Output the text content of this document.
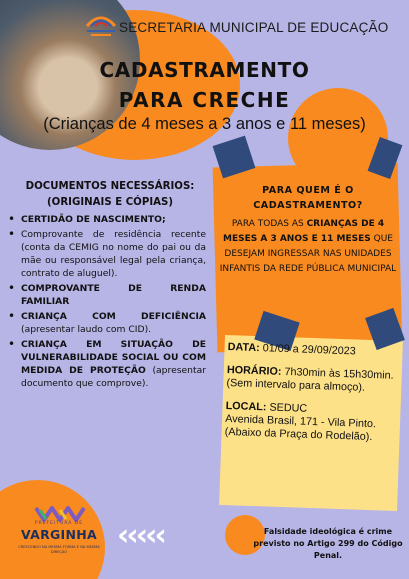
SECRETARIA MUNICIPAL DE EDUCAÇÃO
CADASTRAMENTO
PARA CRECHE
(Crianças de 4 meses a 3 anos e 11 meses)
DOCUMENTOS NECESSÁRIOS:
(ORIGINAIS E CÓPIAS)
• CERTIDÃO DE NASCIMENTO;
• Comprovante de residência recente (conta da CEMIG no nome do pai ou da mãe ou responsável legal pela criança, contrato de aluguel).
• COMPROVANTE DE RENDA FAMILIAR
• CRIANÇA COM DEFICIÊNCIA (apresentar laudo com CID).
• CRIANÇA EM SITUAÇÃO DE VULNERABILIDADE SOCIAL OU COM MEDIDA DE PROTEÇÃO (apresentar documento que comprove).
PARA QUEM É O CADASTRAMENTO?
PARA TODAS AS CRIANÇAS DE 4 MESES A 3 ANOS E 11 MESES QUE DESEJAM INGRESSAR NAS UNIDADES INFANTIS DA REDE PÚBLICA MUNICIPAL

DATA: 01/09 a 29/09/2023

HORÁRIO: 7h30min às 15h30min.
(Sem intervalo para almoço).

LOCAL: SEDUC
Avenida Brasil, 171 - Vila Pinto.
(Abaixo da Praça do Rodelão).

PREFEITURA DE
VARGINHA
CRESCENDO NA MESMA FORMA E NA MESMA DIREÇÃO	‹‹‹‹‹	Falsidade ideológica é crime previsto no Artigo 299 do Código Penal.
